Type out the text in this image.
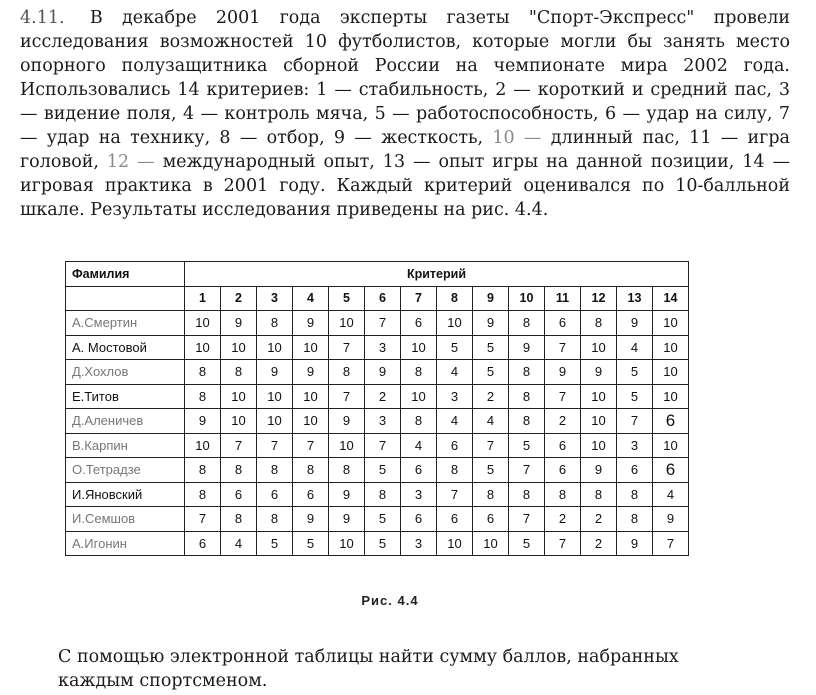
4.11. В декабре 2001 года эксперты газеты "Спорт-Экспресс" провели исследования возможностей 10 футболистов, которые могли бы занять место опорного полузащитника сборной России на чемпионате мира 2002 года. Использовались 14 критериев: 1 — стабильность, 2 — короткий и средний пас, 3 — видение поля, 4 — контроль мяча, 5 — работоспособность, 6 — удар на силу, 7 — удар на технику, 8 — отбор, 9 — жесткость, 10 — длинный пас, 11 — игра головой, 12 — международный опыт, 13 — опыт игры на данной позиции, 14 — игровая практика в 2001 году. Каждый критерий оценивался по 10-балльной шкале. Результаты исследования приведены на рис. 4.4.
Фамилия	Критерий													
	1	2	3	4	5	6	7	8	9	10	11	12	13	14
А.Смертин	10	9	8	9	10	7	6	10	9	8	6	8	9	10
А. Мостовой	10	10	10	10	7	3	10	5	5	9	7	10	4	10
Д.Хохлов	8	8	9	9	8	9	8	4	5	8	9	9	5	10
Е.Титов	8	10	10	10	7	2	10	3	2	8	7	10	5	10
Д.Аленичев	9	10	10	10	9	3	8	4	4	8	2	10	7	6
В.Карпин	10	7	7	7	10	7	4	6	7	5	6	10	3	10
О.Тетрадзе	8	8	8	8	8	5	6	8	5	7	6	9	6	6
И.Яновский	8	6	6	6	9	8	3	7	8	8	8	8	8	4
И.Семшов	7	8	8	9	9	5	6	6	6	7	2	2	8	9
А.Игонин	6	4	5	5	10	5	3	10	10	5	7	2	9	7
Рис. 4.4
С помощью электронной таблицы найти сумму баллов, набранных каждым спортсменом.
